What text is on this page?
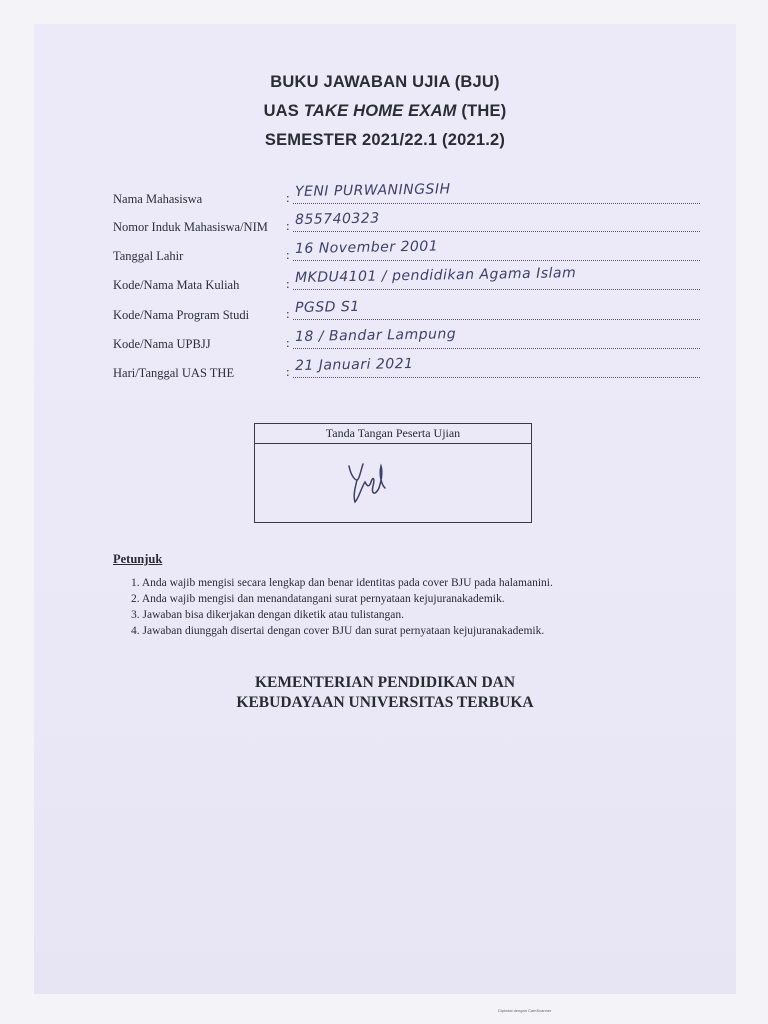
BUKU JAWABAN UJIA (BJU)
UAS TAKE HOME EXAM (THE)
SEMESTER 2021/22.1 (2021.2)
Nama Mahasiswa	: YENI PURWANINGSIH
Nomor Induk Mahasiswa/NIM : 855740323
Tanggal Lahir	: 16 November 2001
Kode/Nama Mata Kuliah	: MKDU4101 / pendidikan Agama Islam
Kode/Nama Program Studi	: PGSD S1
Kode/Nama UPBJJ	: 18 / Bandar Lampung
Hari/Tanggal UAS THE	: 21 Januari 2021
Tanda Tangan Peserta Ujian
Petunjuk
1. Anda wajib mengisi secara lengkap dan benar identitas pada cover BJU pada halamanini.
2. Anda wajib mengisi dan menandatangani surat pernyataan kejujuranakademik.
3. Jawaban bisa dikerjakan dengan diketik atau tulistangan.
4. Jawaban diunggah disertai dengan cover BJU dan surat pernyataan kejujuranakademik.
KEMENTERIAN PENDIDIKAN DAN
KEBUDAYAAN UNIVERSITAS TERBUKA
Dipindai dengan CamScanner
